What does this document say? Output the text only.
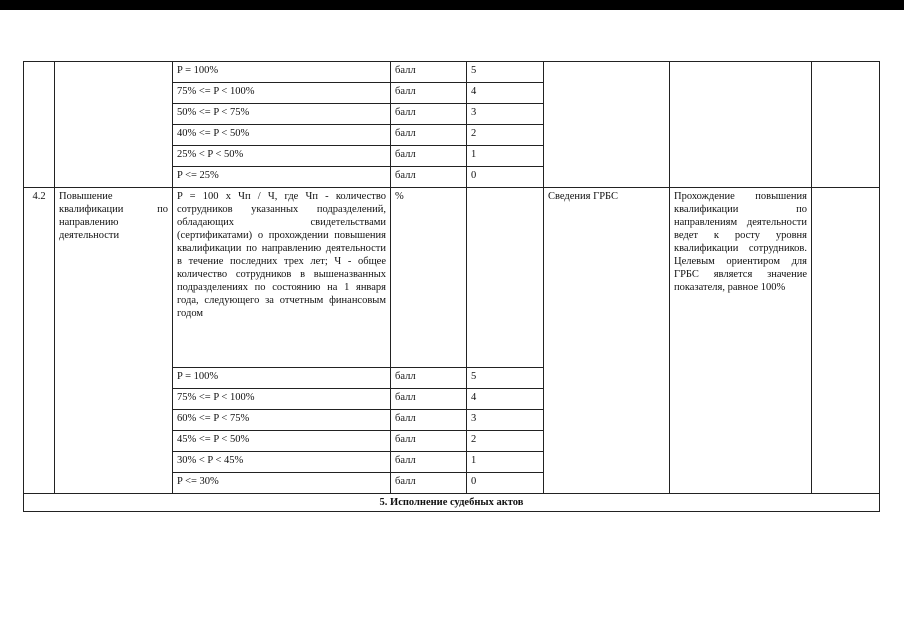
		P = 100%	балл	5			
		75% <= P < 100%	балл	4			
		50% <= P < 75%	балл	3			
		40% <= P < 50%	балл	2			
		25% < P < 50%	балл	1			
		P <= 25%	балл	0			
4.2	Повышение квалификации по направлению деятельности	P = 100 x Чп / Ч, где Чп - количество сотрудников указанных подразделений, обладающих свидетельствами (сертификатами) о прохождении повышения квалификации по направлению деятельности в течение последних трех лет; Ч - общее количество сотрудников в вышеназванных подразделениях по состоянию на 1 января года, следующего за отчетным финансовым годом	%		Сведения ГРБС	Прохождение повышения квалификации по направлениям деятельности ведет к росту уровня квалификации сотрудников. Целевым ориентиром для ГРБС является значение показателя, равное 100%	
		P = 100%	балл	5			
		75% <= P < 100%	балл	4			
		60% <= P < 75%	балл	3			
		45% <= P < 50%	балл	2			
		30% < P < 45%	балл	1			
		P <= 30%	балл	0			
5. Исполнение судебных актов							
